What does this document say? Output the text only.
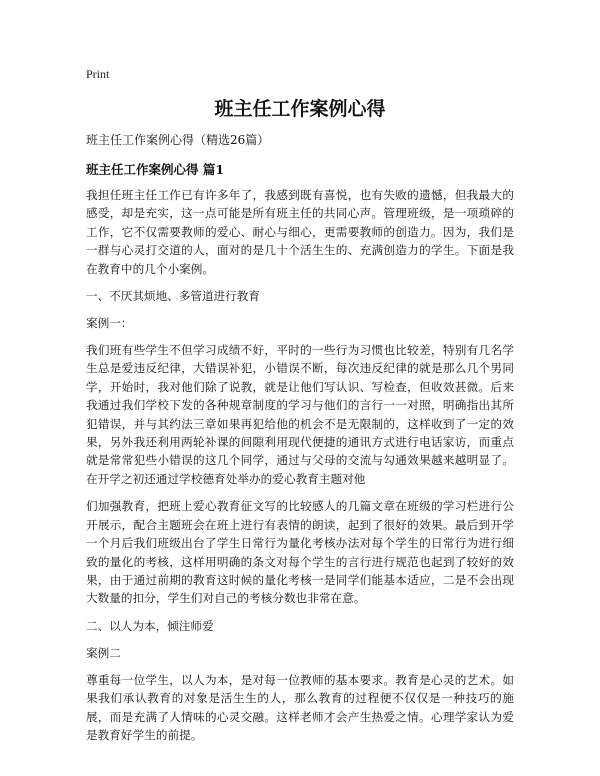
Print
班主任工作案例心得
班主任工作案例心得（精选26篇）
班主任工作案例心得 篇1

我担任班主任工作已有许多年了，我感到既有喜悦，也有失败的遗憾，但我最大的感受，却是充实，这一点可能是所有班主任的共同心声。管理班级，是一项琐碎的工作，它不仅需要教师的爱心、耐心与细心，更需要教师的创造力。因为，我们是一群与心灵打交道的人，面对的是几十个活生生的、充满创造力的学生。下面是我在教育中的几个小案例。

一、不厌其烦地、多管道进行教育

案例一：

我们班有些学生不但学习成绩不好，平时的一些行为习惯也比较差，特别有几名学生总是爱违反纪律，大错误补犯，小错误不断，每次违反纪律的就是那么几个男同学，开始时，我对他们除了说教，就是让他们写认识、写检查，但收效甚微。后来我通过我们学校下发的各种规章制度的学习与他们的言行一一对照，明确指出其所犯错误，并与其约法三章如果再犯给他的机会不是无限制的，这样收到了一定的效果，另外我还利用两轮补课的间隙利用现代便捷的通讯方式进行电话家访，而重点就是常常犯些小错误的这几个同学，通过与父母的交流与勾通效果越来越明显了。在开学之初还通过学校德育处举办的爱心教育主题对他

们加强教育，把班上爱心教育征文写的比较感人的几篇文章在班级的学习栏进行公开展示，配合主题班会在班上进行有表情的朗读，起到了很好的效果。最后到开学一个月后我们班级出台了学生日常行为量化考核办法对每个学生的日常行为进行细致的量化的考核，这样用明确的条文对每个学生的言行进行规范也起到了较好的效果，由于通过前期的教育这时候的量化考核一是同学们能基本适应，二是不会出现大数量的扣分，学生们对自己的考核分数也非常在意。

二、以人为本，倾注师爱

案例二

尊重每一位学生，以人为本，是对每一位教师的基本要求。教育是心灵的艺术。如果我们承认教育的对象是活生生的人，那么教育的过程便不仅仅是一种技巧的施展，而是充满了人情味的心灵交融。这样老师才会产生热爱之情。心理学家认为爱是教育好学生的前提。
